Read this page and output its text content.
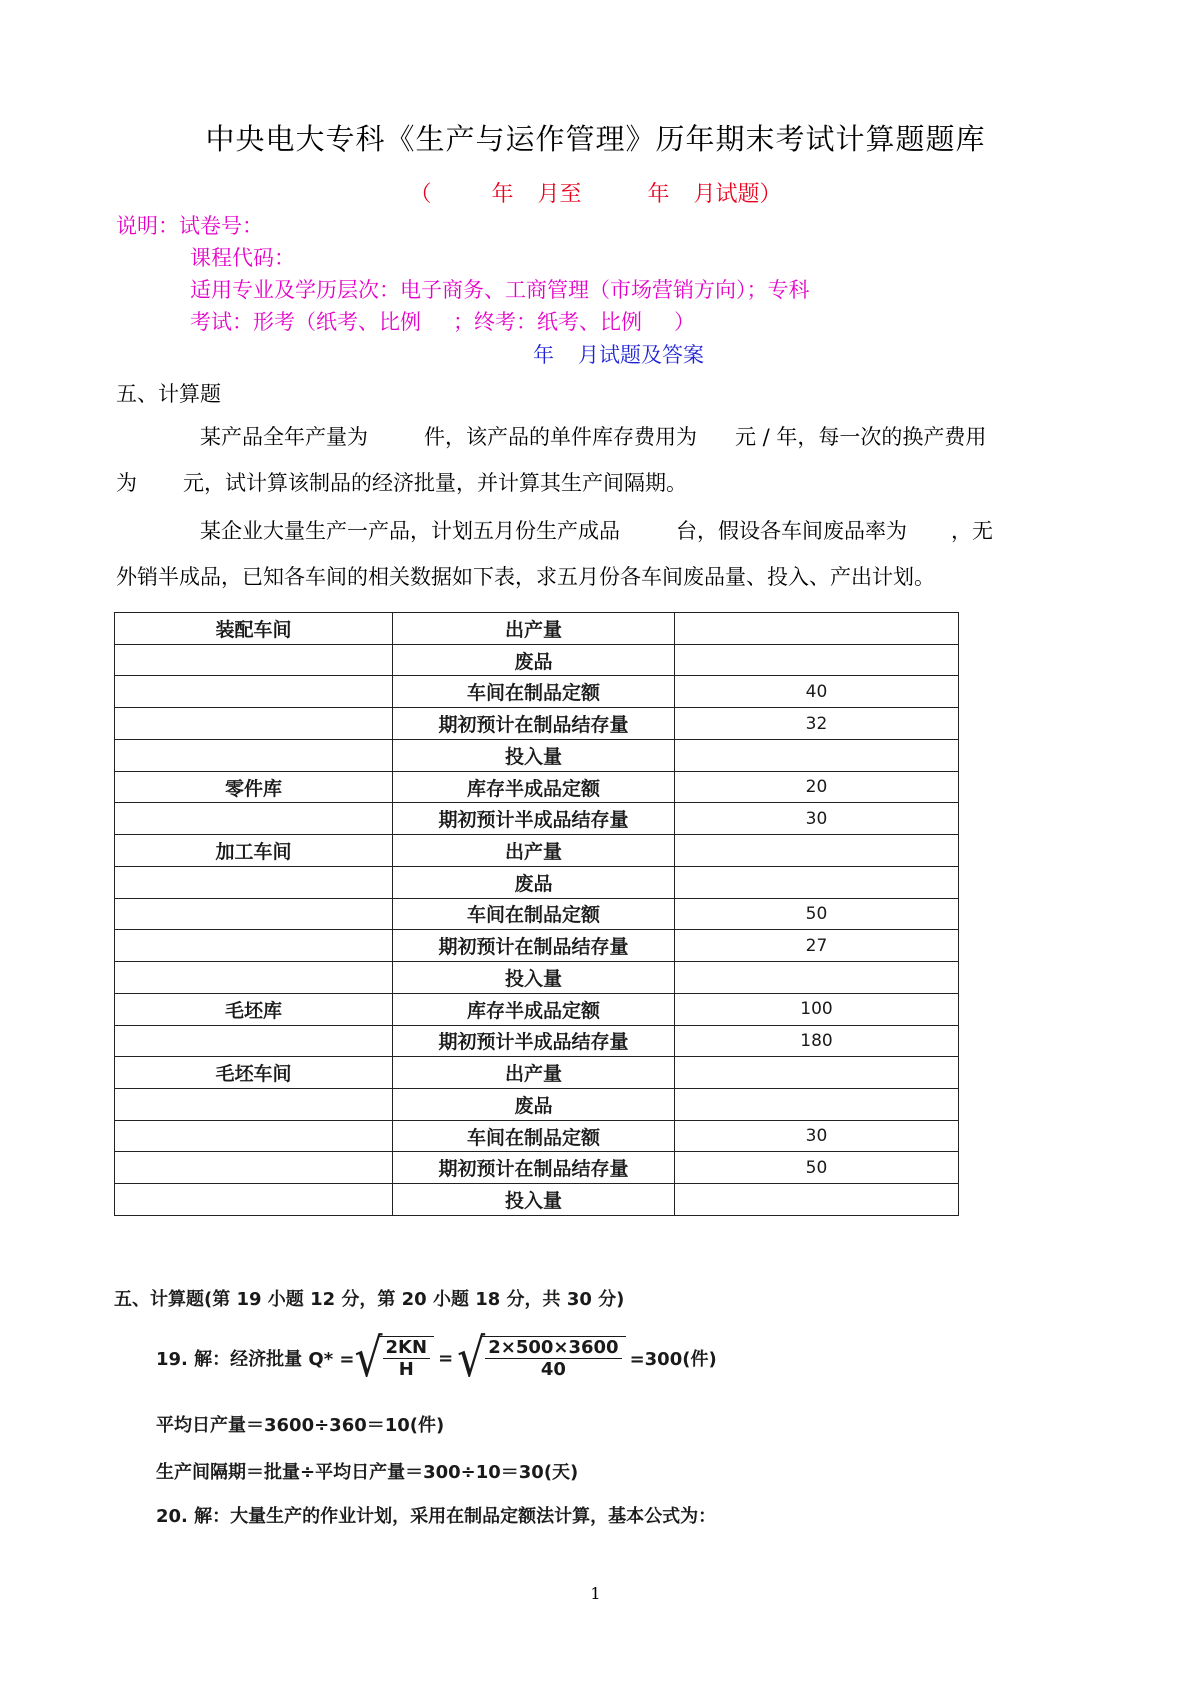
中央电大专科《生产与运作管理》历年期末考试计算题题库
（	年 月至	年 月试题）
说明：试卷号：
课程代码：
适用专业及学历层次：电子商务、工商管理（市场营销方向）；专科
考试：形考（纸考、比例 ；终考：纸考、比例 ）
年 月试题及答案
五、计算题
某产品全年产量为	件，该产品的单件库存费用为 元 / 年，每一次的换产费用
为 元，试计算该制品的经济批量，并计算其生产间隔期。
某企业大量生产一产品，计划五月份生产成品	台，假设各车间废品率为 ，无
外销半成品，已知各车间的相关数据如下表，求五月份各车间废品量、投入、产出计划。
装配车间	出产量	
	废品	
	车间在制品定额	40
	期初预计在制品结存量	32
	投入量	
零件库	库存半成品定额	20
	期初预计半成品结存量	30
加工车间	出产量	
	废品	
	车间在制品定额	50
	期初预计在制品结存量	27
	投入量	
毛坯库	库存半成品定额	100
	期初预计半成品结存量	180
毛坯车间	出产量	
	废品	
	车间在制品定额	30
	期初预计在制品结存量	50
	投入量	
五、计算题(第 19 小题 12 分，第 20 小题 18 分，共 30 分)
19. 解：经济批量 Q* = √ $\frac{2KN}{H}$ = √ $\frac{2\times 500\times 3600}{40} =300$(件)
平均日产量＝3600÷360＝10(件)
生产间隔期＝批量÷平均日产量＝300÷10＝30(天)
20. 解：大量生产的作业计划，采用在制品定额法计算，基本公式为：
1
